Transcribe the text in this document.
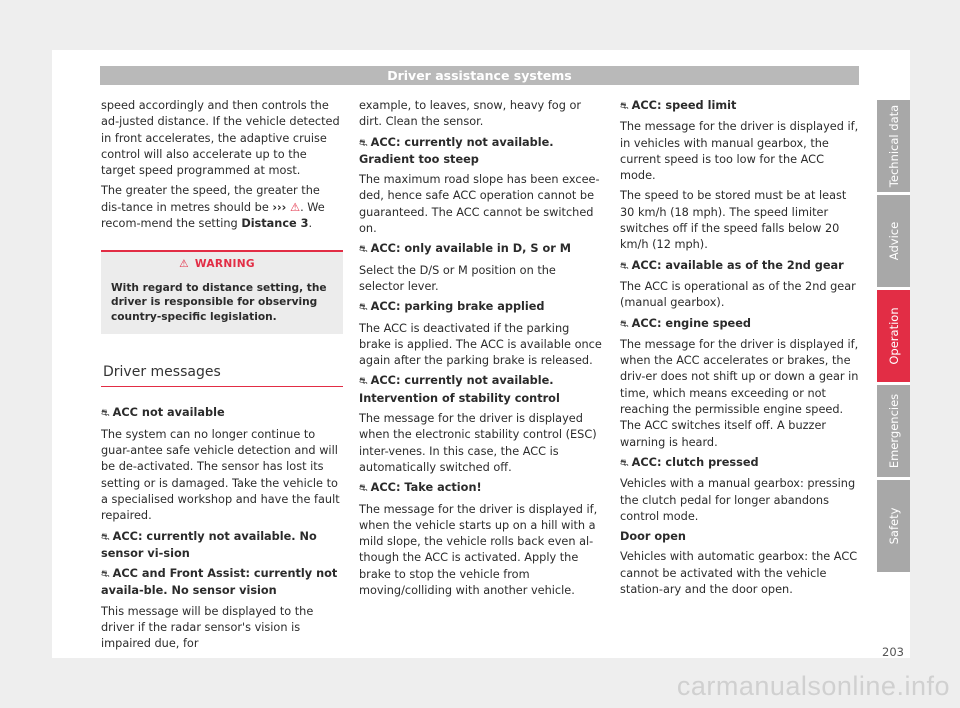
Driver assistance systems

speed accordingly and then controls the ad-justed distance. If the vehicle detected in front accelerates, the adaptive cruise control will also accelerate up to the target speed programmed at most.

The greater the speed, the greater the dis-tance in metres should be ››› ⚠. We recom-mend the setting Distance 3.

⚠ WARNING
With regard to distance setting, the driver is responsible for observing country-specific legislation.
Driver messages

⛐ ACC not available

The system can no longer continue to guar-antee safe vehicle detection and will be de-activated. The sensor has lost its setting or is damaged. Take the vehicle to a specialised workshop and have the fault repaired.

⛐ ACC: currently not available. No sensor vi-sion

⛐ ACC and Front Assist: currently not availa-ble. No sensor vision

This message will be displayed to the driver if the radar sensor's vision is impaired due, for

example, to leaves, snow, heavy fog or dirt. Clean the sensor.

⛐ ACC: currently not available. Gradient too steep

The maximum road slope has been excee-ded, hence safe ACC operation cannot be guaranteed. The ACC cannot be switched on.

⛐ ACC: only available in D, S or M

Select the D/S or M position on the selector lever.

⛐ ACC: parking brake applied

The ACC is deactivated if the parking brake is applied. The ACC is available once again after the parking brake is released.

⛐ ACC: currently not available. Intervention of stability control

The message for the driver is displayed when the electronic stability control (ESC) inter-venes. In this case, the ACC is automatically switched off.

⛐ ACC: Take action!

The message for the driver is displayed if, when the vehicle starts up on a hill with a mild slope, the vehicle rolls back even al-though the ACC is activated. Apply the brake to stop the vehicle from moving/colliding with another vehicle.

⛐ ACC: speed limit

The message for the driver is displayed if, in vehicles with manual gearbox, the current speed is too low for the ACC mode.

The speed to be stored must be at least 30 km/h (18 mph). The speed limiter switches off if the speed falls below 20 km/h (12 mph).

⛐ ACC: available as of the 2nd gear

The ACC is operational as of the 2nd gear (manual gearbox).

⛐ ACC: engine speed

The message for the driver is displayed if, when the ACC accelerates or brakes, the driv-er does not shift up or down a gear in time, which means exceeding or not reaching the permissible engine speed. The ACC switches itself off. A buzzer warning is heard.

⛐ ACC: clutch pressed

Vehicles with a manual gearbox: pressing the clutch pedal for longer abandons control mode.

Door open

Vehicles with automatic gearbox: the ACC cannot be activated with the vehicle station-ary and the door open.

Technical data
Advice
Operation
Emergencies
Safety
203
carmanualsonline.info
